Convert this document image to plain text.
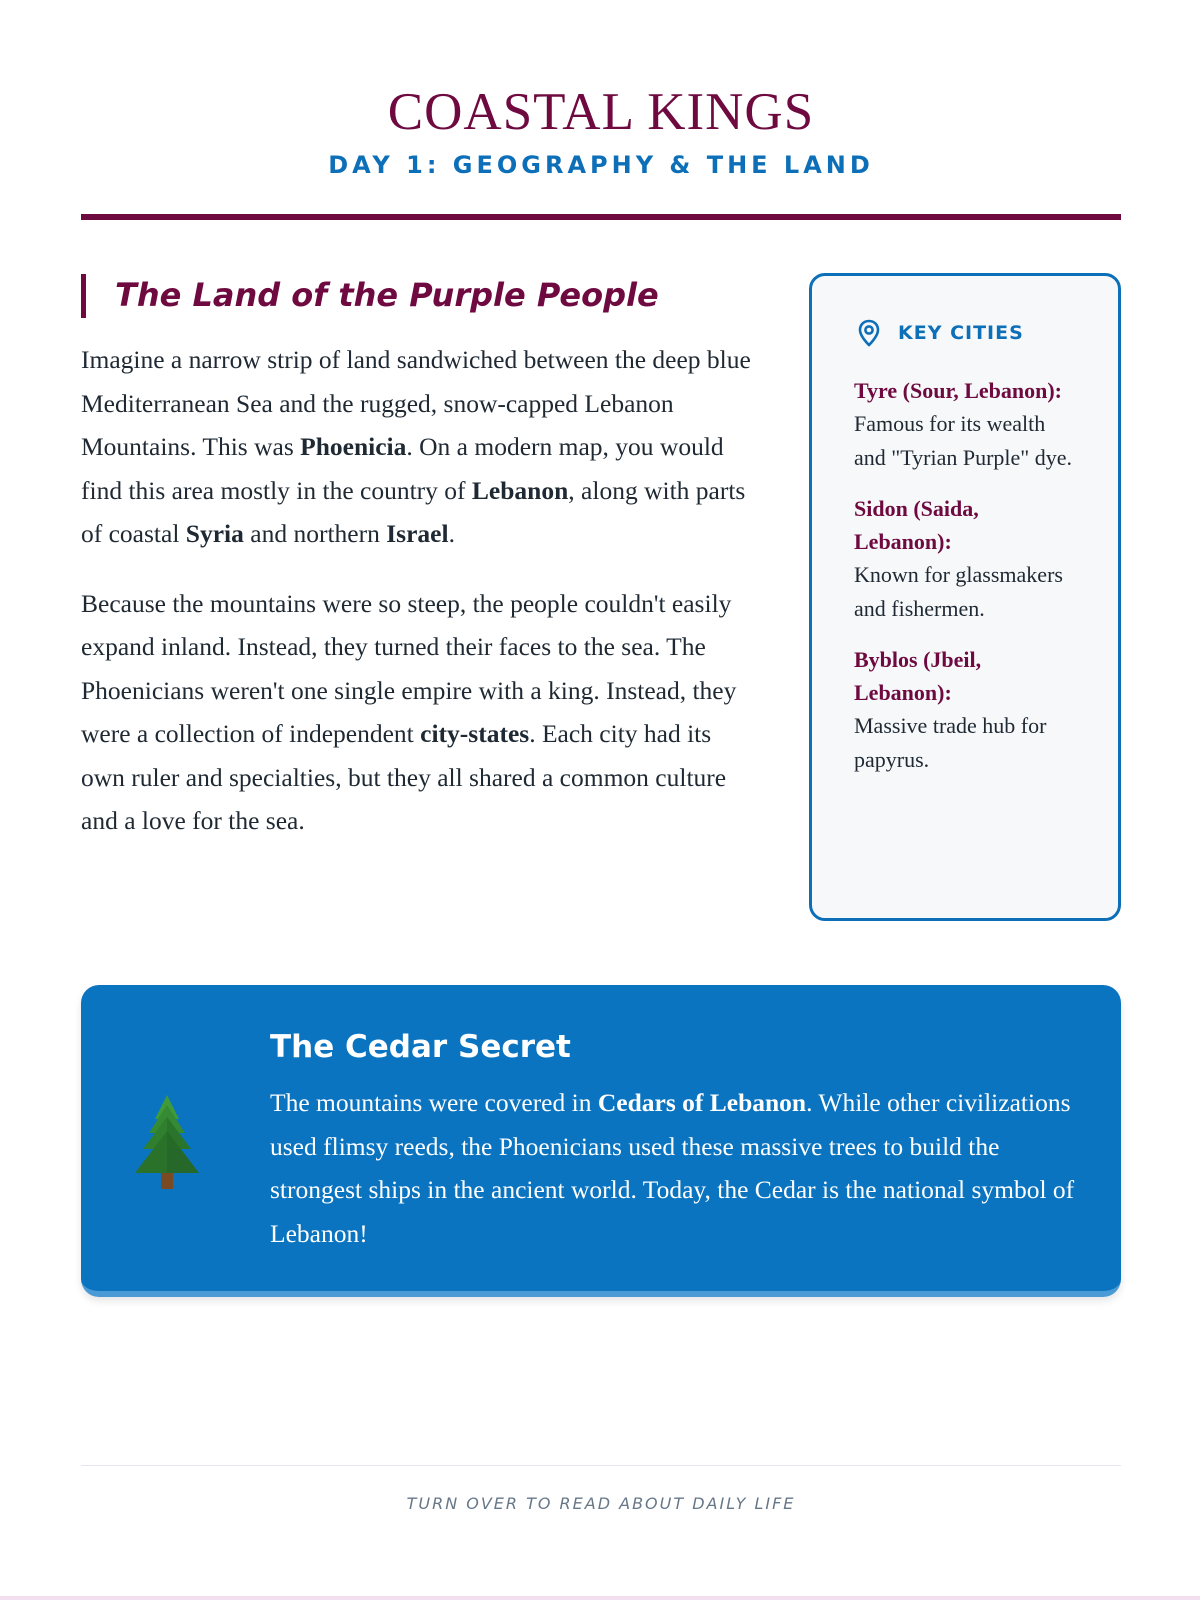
COASTAL KINGS
DAY 1: GEOGRAPHY & THE LAND
The Land of the Purple People

Imagine a narrow strip of land sandwiched between the deep blue Mediterranean Sea and the rugged, snow-capped Lebanon Mountains. This was Phoenicia. On a modern map, you would find this area mostly in the country of Lebanon, along with parts of coastal Syria and northern Israel.

Because the mountains were so steep, the people couldn't easily expand inland. Instead, they turned their faces to the sea. The Phoenicians weren't one single empire with a king. Instead, they were a collection of independent city-states. Each city had its own ruler and specialties, but they all shared a common culture and a love for the sea.

KEY CITIES
Tyre (Sour, Lebanon):
Famous for its wealth and "Tyrian Purple" dye.
Sidon (Saida, Lebanon):
Known for glassmakers and fishermen.
Byblos (Jbeil, Lebanon):
Massive trade hub for papyrus.
The Cedar Secret
The mountains were covered in Cedars of Lebanon. While other civilizations used flimsy reeds, the Phoenicians used these massive trees to build the strongest ships in the ancient world. Today, the Cedar is the national symbol of Lebanon!
TURN OVER TO READ ABOUT DAILY LIFE
